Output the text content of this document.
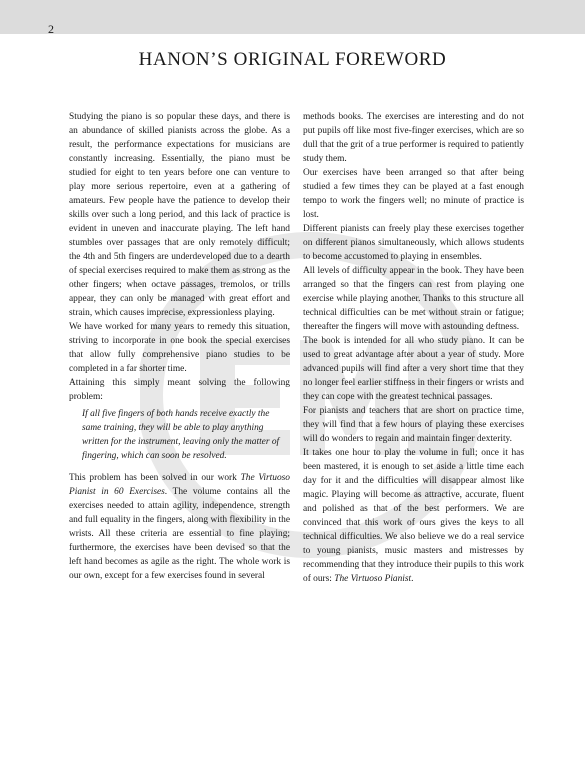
2
HANON’S ORIGINAL FOREWORD

Studying the piano is so popular these days, and there is an abundance of skilled pianists across the globe. As a result, the performance expectations for musicians are constantly increasing. Essentially, the piano must be studied for eight to ten years before one can venture to play more serious repertoire, even at a gathering of amateurs. Few people have the patience to develop their skills over such a long period, and this lack of practice is evident in uneven and inaccurate playing. The left hand stumbles over passages that are only remotely difficult; the 4th and 5th fingers are underdeveloped due to a dearth of special exercises required to make them as strong as the other fingers; when octave passages, tremolos, or trills appear, they can only be managed with great effort and strain, which causes imprecise, expressionless playing.

We have worked for many years to remedy this situation, striving to incorporate in one book the special exercises that allow fully comprehensive piano studies to be completed in a far shorter time.

Attaining this simply meant solving the following problem:

If all five fingers of both hands receive exactly the same training, they will be able to play anything written for the instrument, leaving only the matter of fingering, which can soon be resolved.

This problem has been solved in our work The Virtuoso Pianist in 60 Exercises. The volume contains all the exercises needed to attain agility, independence, strength and full equality in the fingers, along with flexibility in the wrists. All these criteria are essential to fine playing; furthermore, the exercises have been devised so that the left hand becomes as agile as the right. The whole work is our own, except for a few exercises found in several

methods books. The exercises are interesting and do not put pupils off like most five-finger exercises, which are so dull that the grit of a true performer is required to patiently study them.

Our exercises have been arranged so that after being studied a few times they can be played at a fast enough tempo to work the fingers well; no minute of practice is lost.

Different pianists can freely play these exercises together on different pianos simultaneously, which allows students to become accustomed to playing in ensembles.

All levels of difficulty appear in the book. They have been arranged so that the fingers can rest from playing one exercise while playing another. Thanks to this structure all technical difficulties can be met without strain or fatigue; thereafter the fingers will move with astounding deftness.

The book is intended for all who study piano. It can be used to great advantage after about a year of study. More advanced pupils will find after a very short time that they no longer feel earlier stiffness in their fingers or wrists and they can cope with the greatest technical passages.

For pianists and teachers that are short on practice time, they will find that a few hours of playing these exercises will do wonders to regain and maintain finger dexterity.

It takes one hour to play the volume in full; once it has been mastered, it is enough to set aside a little time each day for it and the difficulties will disappear almost like magic. Playing will become as attractive, accurate, fluent and polished as that of the best performers. We are convinced that this work of ours gives the keys to all technical difficulties. We also believe we do a real service to young pianists, music masters and mistresses by recommending that they introduce their pupils to this work of ours: The Virtuoso Pianist.
